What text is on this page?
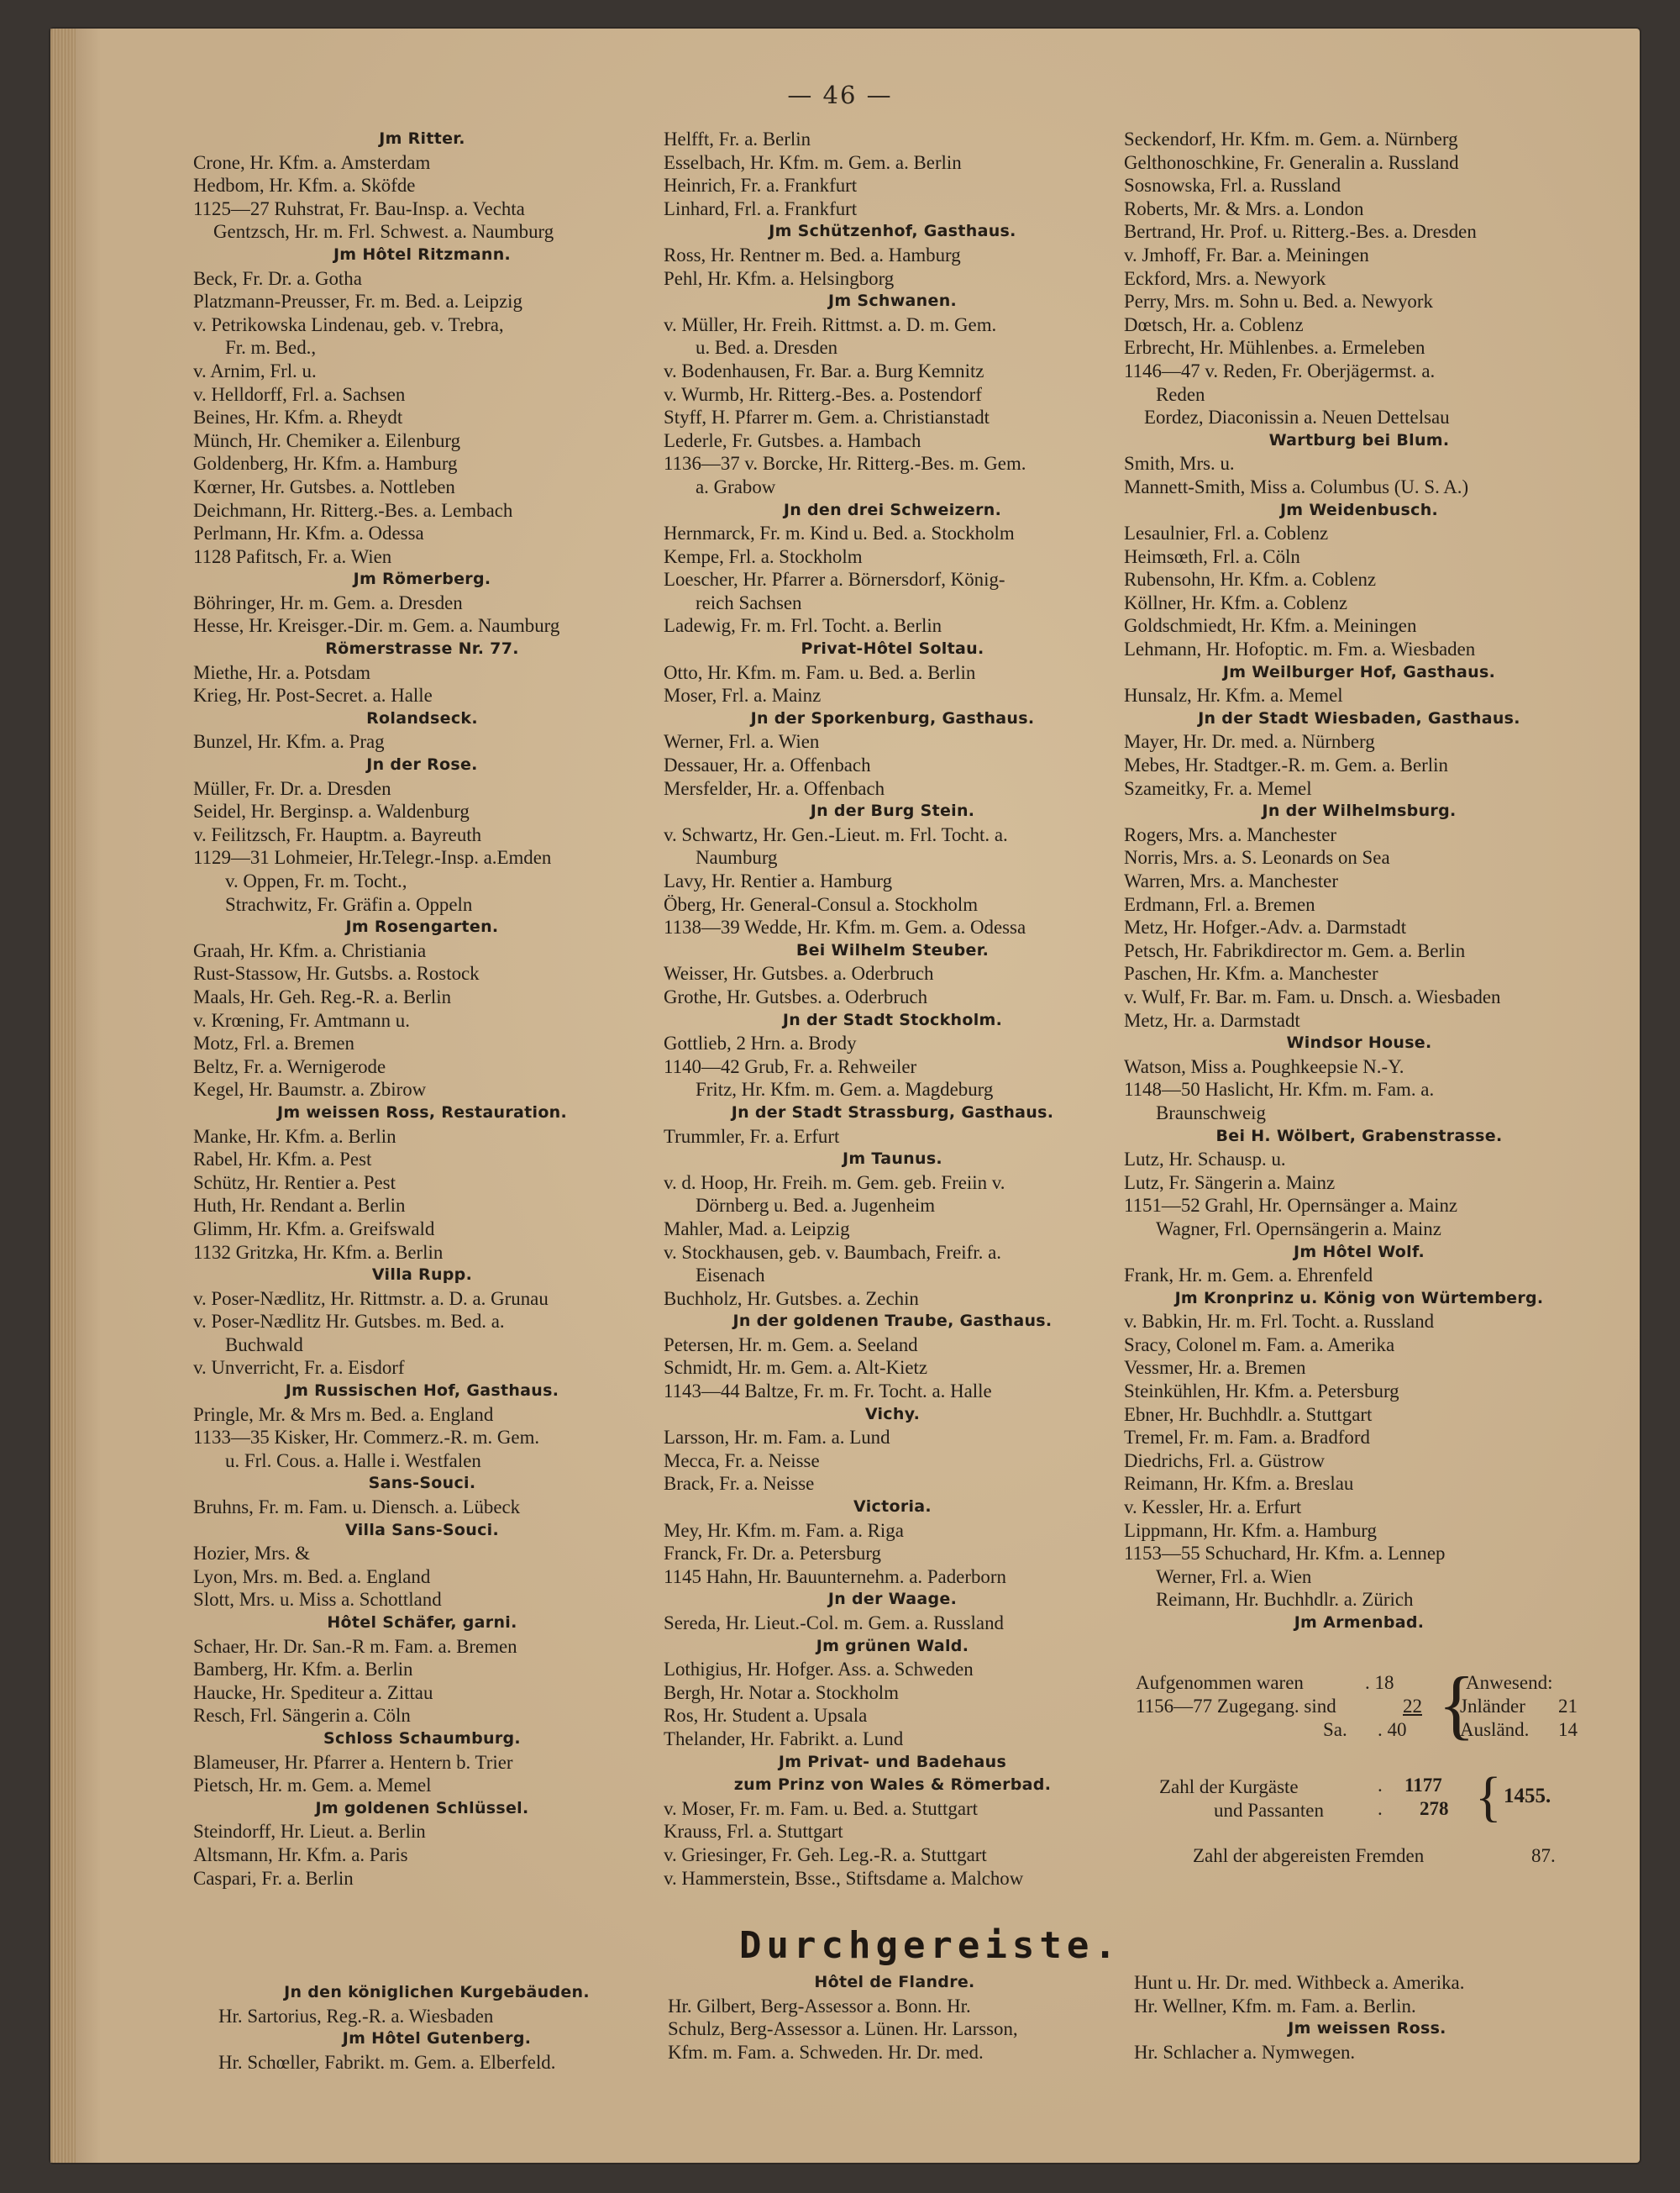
— 46 —
Jm Ritter.
Crone, Hr. Kfm. a. Amsterdam
Hedbom, Hr. Kfm. a. Sköfde
1125—27 Ruhstrat, Fr. Bau-Insp. a. Vechta
Gentzsch, Hr. m. Frl. Schwest. a. Naumburg
Jm Hôtel Ritzmann.
Beck, Fr. Dr. a. Gotha
Platzmann-Preusser, Fr. m. Bed. a. Leipzig
v. Petrikowska Lindenau, geb. v. Trebra,
Fr. m. Bed.,
v. Arnim, Frl. u.
v. Helldorff, Frl. a. Sachsen
Beines, Hr. Kfm. a. Rheydt
Münch, Hr. Chemiker a. Eilenburg
Goldenberg, Hr. Kfm. a. Hamburg
Kœrner, Hr. Gutsbes. a. Nottleben
Deichmann, Hr. Ritterg.-Bes. a. Lembach
Perlmann, Hr. Kfm. a. Odessa
1128 Pafitsch, Fr. a. Wien
Jm Römerberg.
Böhringer, Hr. m. Gem. a. Dresden
Hesse, Hr. Kreisger.-Dir. m. Gem. a. Naumburg
Römerstrasse Nr. 77.
Miethe, Hr. a. Potsdam
Krieg, Hr. Post-Secret. a. Halle
Rolandseck.
Bunzel, Hr. Kfm. a. Prag
Jn der Rose.
Müller, Fr. Dr. a. Dresden
Seidel, Hr. Berginsp. a. Waldenburg
v. Feilitzsch, Fr. Hauptm. a. Bayreuth
1129—31 Lohmeier, Hr.Telegr.-Insp. a.Emden
v. Oppen, Fr. m. Tocht.,
Strachwitz, Fr. Gräfin a. Oppeln
Jm Rosengarten.
Graah, Hr. Kfm. a. Christiania
Rust-Stassow, Hr. Gutsbs. a. Rostock
Maals, Hr. Geh. Reg.-R. a. Berlin
v. Krœning, Fr. Amtmann u.
Motz, Frl. a. Bremen
Beltz, Fr. a. Wernigerode
Kegel, Hr. Baumstr. a. Zbirow
Jm weissen Ross, Restauration.
Manke, Hr. Kfm. a. Berlin
Rabel, Hr. Kfm. a. Pest
Schütz, Hr. Rentier a. Pest
Huth, Hr. Rendant a. Berlin
Glimm, Hr. Kfm. a. Greifswald
1132 Gritzka, Hr. Kfm. a. Berlin
Villa Rupp.
v. Poser-Nædlitz, Hr. Rittmstr. a. D. a. Grunau
v. Poser-Nædlitz Hr. Gutsbes. m. Bed. a.
Buchwald
v. Unverricht, Fr. a. Eisdorf
Jm Russischen Hof, Gasthaus.
Pringle, Mr. & Mrs m. Bed. a. England
1133—35 Kisker, Hr. Commerz.-R. m. Gem.
u. Frl. Cous. a. Halle i. Westfalen
Sans-Souci.
Bruhns, Fr. m. Fam. u. Diensch. a. Lübeck
Villa Sans-Souci.
Hozier, Mrs. &
Lyon, Mrs. m. Bed. a. England
Slott, Mrs. u. Miss a. Schottland
Hôtel Schäfer, garni.
Schaer, Hr. Dr. San.-R m. Fam. a. Bremen
Bamberg, Hr. Kfm. a. Berlin
Haucke, Hr. Spediteur a. Zittau
Resch, Frl. Sängerin a. Cöln
Schloss Schaumburg.
Blameuser, Hr. Pfarrer a. Hentern b. Trier
Pietsch, Hr. m. Gem. a. Memel
Jm goldenen Schlüssel.
Steindorff, Hr. Lieut. a. Berlin
Altsmann, Hr. Kfm. a. Paris
Caspari, Fr. a. Berlin
Helfft, Fr. a. Berlin
Esselbach, Hr. Kfm. m. Gem. a. Berlin
Heinrich, Fr. a. Frankfurt
Linhard, Frl. a. Frankfurt
Jm Schützenhof, Gasthaus.
Ross, Hr. Rentner m. Bed. a. Hamburg
Pehl, Hr. Kfm. a. Helsingborg
Jm Schwanen.
v. Müller, Hr. Freih. Rittmst. a. D. m. Gem.
u. Bed. a. Dresden
v. Bodenhausen, Fr. Bar. a. Burg Kemnitz
v. Wurmb, Hr. Ritterg.-Bes. a. Postendorf
Styff, H. Pfarrer m. Gem. a. Christianstadt
Lederle, Fr. Gutsbes. a. Hambach
1136—37 v. Borcke, Hr. Ritterg.-Bes. m. Gem.
a. Grabow
Jn den drei Schweizern.
Hernmarck, Fr. m. Kind u. Bed. a. Stockholm
Kempe, Frl. a. Stockholm
Loescher, Hr. Pfarrer a. Börnersdorf, König-
reich Sachsen
Ladewig, Fr. m. Frl. Tocht. a. Berlin
Privat-Hôtel Soltau.
Otto, Hr. Kfm. m. Fam. u. Bed. a. Berlin
Moser, Frl. a. Mainz
Jn der Sporkenburg, Gasthaus.
Werner, Frl. a. Wien
Dessauer, Hr. a. Offenbach
Mersfelder, Hr. a. Offenbach
Jn der Burg Stein.
v. Schwartz, Hr. Gen.-Lieut. m. Frl. Tocht. a.
Naumburg
Lavy, Hr. Rentier a. Hamburg
Öberg, Hr. General-Consul a. Stockholm
1138—39 Wedde, Hr. Kfm. m. Gem. a. Odessa
Bei Wilhelm Steuber.
Weisser, Hr. Gutsbes. a. Oderbruch
Grothe, Hr. Gutsbes. a. Oderbruch
Jn der Stadt Stockholm.
Gottlieb, 2 Hrn. a. Brody
1140—42 Grub, Fr. a. Rehweiler
Fritz, Hr. Kfm. m. Gem. a. Magdeburg
Jn der Stadt Strassburg, Gasthaus.
Trummler, Fr. a. Erfurt
Jm Taunus.
v. d. Hoop, Hr. Freih. m. Gem. geb. Freiin v.
Dörnberg u. Bed. a. Jugenheim
Mahler, Mad. a. Leipzig
v. Stockhausen, geb. v. Baumbach, Freifr. a.
Eisenach
Buchholz, Hr. Gutsbes. a. Zechin
Jn der goldenen Traube, Gasthaus.
Petersen, Hr. m. Gem. a. Seeland
Schmidt, Hr. m. Gem. a. Alt-Kietz
1143—44 Baltze, Fr. m. Fr. Tocht. a. Halle
Vichy.
Larsson, Hr. m. Fam. a. Lund
Mecca, Fr. a. Neisse
Brack, Fr. a. Neisse
Victoria.
Mey, Hr. Kfm. m. Fam. a. Riga
Franck, Fr. Dr. a. Petersburg
1145 Hahn, Hr. Bauunternehm. a. Paderborn
Jn der Waage.
Sereda, Hr. Lieut.-Col. m. Gem. a. Russland
Jm grünen Wald.
Lothigius, Hr. Hofger. Ass. a. Schweden
Bergh, Hr. Notar a. Stockholm
Ros, Hr. Student a. Upsala
Thelander, Hr. Fabrikt. a. Lund
Jm Privat- und Badehaus
zum Prinz von Wales & Römerbad.
v. Moser, Fr. m. Fam. u. Bed. a. Stuttgart
Krauss, Frl. a. Stuttgart
v. Griesinger, Fr. Geh. Leg.-R. a. Stuttgart
v. Hammerstein, Bsse., Stiftsdame a. Malchow
Seckendorf, Hr. Kfm. m. Gem. a. Nürnberg
Gelthonoschkine, Fr. Generalin a. Russland
Sosnowska, Frl. a. Russland
Roberts, Mr. & Mrs. a. London
Bertrand, Hr. Prof. u. Ritterg.-Bes. a. Dresden
v. Jmhoff, Fr. Bar. a. Meiningen
Eckford, Mrs. a. Newyork
Perry, Mrs. m. Sohn u. Bed. a. Newyork
Dœtsch, Hr. a. Coblenz
Erbrecht, Hr. Mühlenbes. a. Ermeleben
1146—47 v. Reden, Fr. Oberjägermst. a.
Reden
Eordez, Diaconissin a. Neuen Dettelsau
Wartburg bei Blum.
Smith, Mrs. u.
Mannett-Smith, Miss a. Columbus (U. S. A.)
Jm Weidenbusch.
Lesaulnier, Frl. a. Coblenz
Heimsœth, Frl. a. Cöln
Rubensohn, Hr. Kfm. a. Coblenz
Köllner, Hr. Kfm. a. Coblenz
Goldschmiedt, Hr. Kfm. a. Meiningen
Lehmann, Hr. Hofoptic. m. Fm. a. Wiesbaden
Jm Weilburger Hof, Gasthaus.
Hunsalz, Hr. Kfm. a. Memel
Jn der Stadt Wiesbaden, Gasthaus.
Mayer, Hr. Dr. med. a. Nürnberg
Mebes, Hr. Stadtger.-R. m. Gem. a. Berlin
Szameitky, Fr. a. Memel
Jn der Wilhelmsburg.
Rogers, Mrs. a. Manchester
Norris, Mrs. a. S. Leonards on Sea
Warren, Mrs. a. Manchester
Erdmann, Frl. a. Bremen
Metz, Hr. Hofger.-Adv. a. Darmstadt
Petsch, Hr. Fabrikdirector m. Gem. a. Berlin
Paschen, Hr. Kfm. a. Manchester
v. Wulf, Fr. Bar. m. Fam. u. Dnsch. a. Wiesbaden
Metz, Hr. a. Darmstadt
Windsor House.
Watson, Miss a. Poughkeepsie N.-Y.
1148—50 Haslicht, Hr. Kfm. m. Fam. a.
Braunschweig
Bei H. Wölbert, Grabenstrasse.
Lutz, Hr. Schausp. u.
Lutz, Fr. Sängerin a. Mainz
1151—52 Grahl, Hr. Opernsänger a. Mainz
Wagner, Frl. Opernsängerin a. Mainz
Jm Hôtel Wolf.
Frank, Hr. m. Gem. a. Ehrenfeld
Jm Kronprinz u. König von Würtemberg.
v. Babkin, Hr. m. Frl. Tocht. a. Russland
Sracy, Colonel m. Fam. a. Amerika
Vessmer, Hr. a. Bremen
Steinkühlen, Hr. Kfm. a. Petersburg
Ebner, Hr. Buchhdlr. a. Stuttgart
Tremel, Fr. m. Fam. a. Bradford
Diedrichs, Frl. a. Güstrow
Reimann, Hr. Kfm. a. Breslau
v. Kessler, Hr. a. Erfurt
Lippmann, Hr. Kfm. a. Hamburg
1153—55 Schuchard, Hr. Kfm. a. Lennep
Werner, Frl. a. Wien
Reimann, Hr. Buchhdlr. a. Zürich
Jm Armenbad.
Aufgenommen waren	. 18
1156—77 Zugegang. sind	22
Sa. . 40 {
Anwesend:
Jnländer 21
Ausländ. 14
Zahl der Kurgäste	. 1177
und Passanten	. 278 { 1455.
Zahl der abgereisten Fremden	87.
Durchgereiste.
Jn den königlichen Kurgebäuden.
Hr. Sartorius, Reg.-R. a. Wiesbaden
Jm Hôtel Gutenberg.
Hr. Schœller, Fabrikt. m. Gem. a. Elberfeld.
Hôtel de Flandre.
Hr. Gilbert, Berg-Assessor a. Bonn. Hr.
Schulz, Berg-Assessor a. Lünen. Hr. Larsson,
Kfm. m. Fam. a. Schweden. Hr. Dr. med.
Hunt u. Hr. Dr. med. Withbeck a. Amerika.
Hr. Wellner, Kfm. m. Fam. a. Berlin.
Jm weissen Ross.
Hr. Schlacher a. Nymwegen.
